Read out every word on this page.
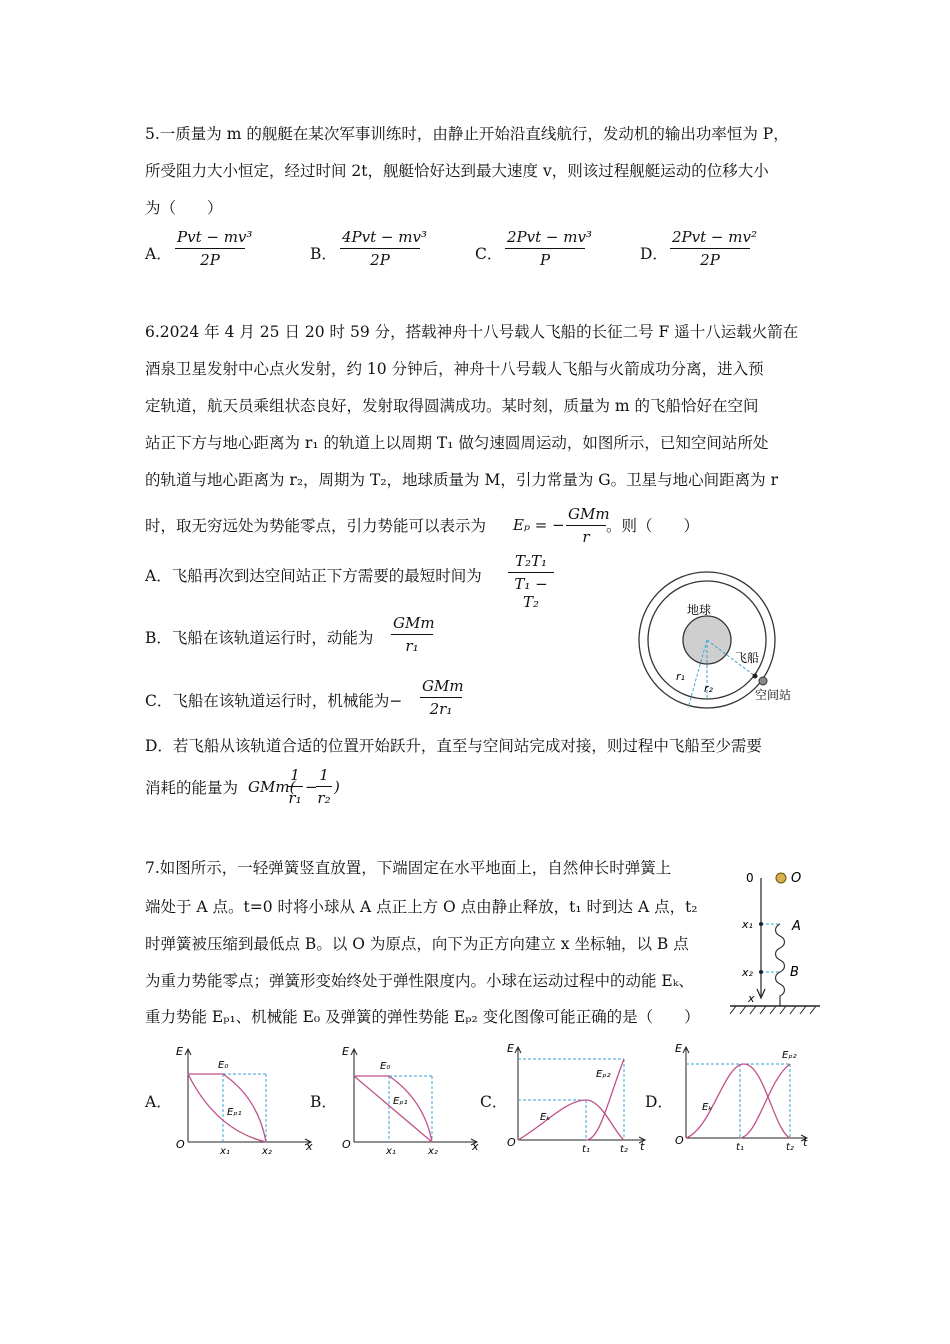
5.一质量为 m 的舰艇在某次军事训练时，由静止开始沿直线航行，发动机的输出功率恒为 P，
所受阻力大小恒定，经过时间 2t，舰艇恰好达到最大速度 v，则该过程舰艇运动的位移大小
为（　　）
A．
Pvt − mv³
2P	B．
4Pvt − mv³
2P	C．
2Pvt − mv³
P	D．
2Pvt − mv²
2P
6.2024 年 4 月 25 日 20 时 59 分，搭载神舟十八号载人飞船的长征二号 F 遥十八运载火箭在
酒泉卫星发射中心点火发射，约 10 分钟后，神舟十八号载人飞船与火箭成功分离，进入预
定轨道，航天员乘组状态良好，发射取得圆满成功。某时刻，质量为 m 的飞船恰好在空间
站正下方与地心距离为 r₁ 的轨道上以周期 T₁ 做匀速圆周运动，如图所示，已知空间站所处
的轨道与地心距离为 r₂，周期为 T₂，地球质量为 M，引力常量为 G。卫星与地心间距离为 r
时，取无穷远处为势能零点，引力势能可以表示为 Eₚ = −
GMm
r
。则（　　）
A．飞船再次到达空间站正下方需要的最短时间为 $\frac{\text{T₂T₁}}{\text{T₁ − T₂}}$
B．飞船在该轨道运行时，动能为
GMm
r₁
C．飞船在该轨道运行时，机械能为−
GMm
2r₁
D．若飞船从该轨道合适的位置开始跃升，直至与空间站完成对接，则过程中飞船至少需要
消耗的能量为 GMm(
$\frac{1}{\text{r₁}}$ −
$\frac{1}{\text{r₂}}$ )
地球
飞船
空间站
r₁
r₂
7.如图所示，一轻弹簧竖直放置，下端固定在水平地面上，自然伸长时弹簧上
端处于 A 点。t=0 时将小球从 A 点正上方 O 点由静止释放，t₁ 时到达 A 点，t₂
时弹簧被压缩到最低点 B。以 O 为原点，向下为正方向建立 x 坐标轴，以 B 点
为重力势能零点；弹簧形变始终处于弹性限度内。小球在运动过程中的动能 Eₖ、
重力势能 Eₚ₁、机械能 E₀ 及弹簧的弹性势能 Eₚ₂ 变化图像可能正确的是（　　）
0	O
x₁	A
x₂	B
x
A．
E
O
E₀
Eₚ₁
x₁	x₂	x
B．
E
O
E₀
Eₚ₁
x₁	x₂	x
C．
E
O
Eₖ
Eₚ₂
t₁	t₂ t
D．
E
O
Eₖ
Eₚ₂
t₁	t₂ t
